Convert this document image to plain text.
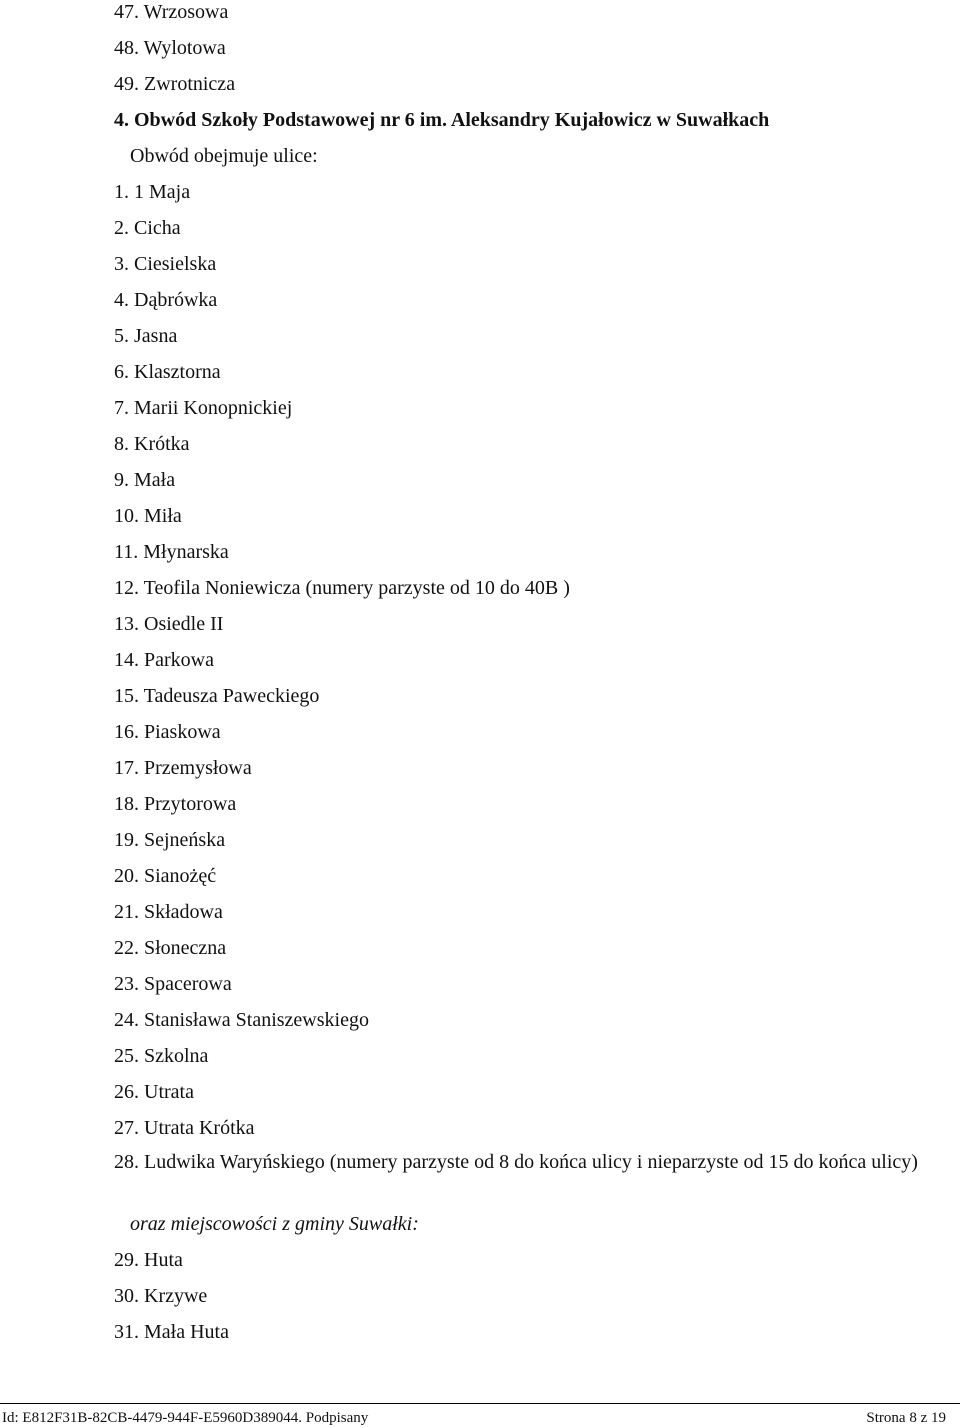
47. Wrzosowa
48. Wylotowa
49. Zwrotnicza
4. Obwód Szkoły Podstawowej nr 6 im. Aleksandry Kujałowicz w Suwałkach
Obwód obejmuje ulice:
1. 1 Maja
2. Cicha
3. Ciesielska
4. Dąbrówka
5. Jasna
6. Klasztorna
7. Marii Konopnickiej
8. Krótka
9. Mała
10. Miła
11. Młynarska
12. Teofila Noniewicza (numery parzyste od 10 do 40B )
13. Osiedle II
14. Parkowa
15. Tadeusza Paweckiego
16. Piaskowa
17. Przemysłowa
18. Przytorowa
19. Sejneńska
20. Sianożęć
21. Składowa
22. Słoneczna
23. Spacerowa
24. Stanisława Staniszewskiego
25. Szkolna
26. Utrata
27. Utrata Krótka
28. Ludwika Waryńskiego (numery parzyste od 8 do końca ulicy i nieparzyste od 15 do końca ulicy)
oraz miejscowości z gminy Suwałki:
29. Huta
30. Krzywe
31. Mała Huta
Id: E812F31B-82CB-4479-944F-E5960D389044. Podpisany	Strona 8 z 19
